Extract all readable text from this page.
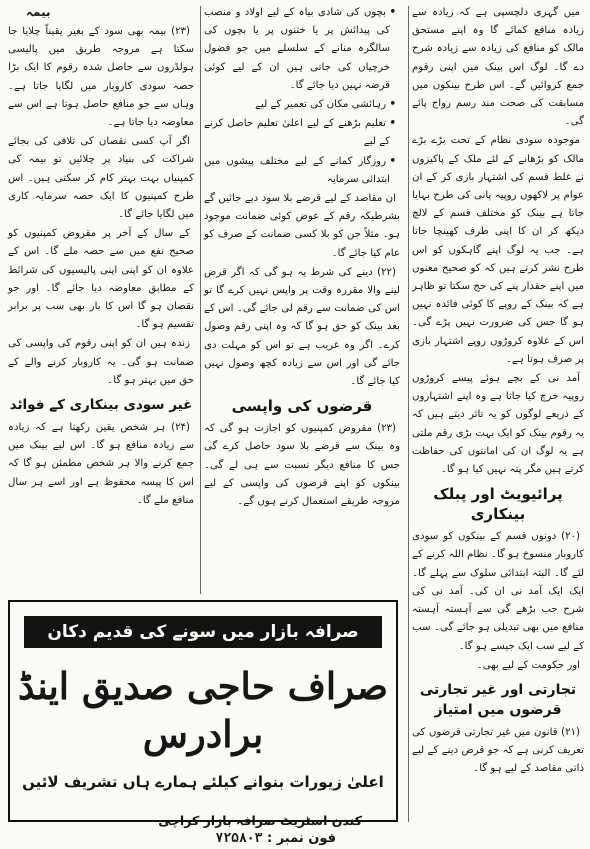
میں گہری دلچسپی ہے کہ زیادہ سے زیادہ منافع کمائے گا وہ اپنے مستحق مالک کو منافع کی زیادہ سے زیادہ شرح دے گا۔ لوگ اس بینک میں اپنی رقوم جمع کروائیں گے۔ اس طرح بینکوں میں مسابقت کی صحت مند رسم رواج پائے گی۔

موجودہ سودی نظام کے تحت بڑے بڑے مالک کو بڑھانے کے لئے ملک کے پاکیزوں نے غلط قسم کی اشتہار بازی کر کے ان عوام پر لاکھوں روپیہ پانی کی طرح بہایا جاتا ہے بینک کو مختلف قسم کے لالچ دیکھ کر ان کا اپنی طرف کھینچا جاتا ہے۔ جب یہ لوگ اپنے گاہکوں کو اس طرح نشر کرتے ہیں کہ کو صحیح معنوں میں اپنے حقدار پنے کی حج سکتا تو ظاہر ہے کہ بینک کے روپے کا کوئی فائدہ نہیں ہو گا جس کی ضرورت نہیں پڑے گی۔ اس کے علاوہ کروڑوں روپے اشتہار بازی پر صرف ہوتا ہے۔

آمد نی کے بچے ہوئے پیسے کروڑوں روپیہ خرچ کیا جاتا ہے وہ اپنے اشتہاروں کے ذریعے لوگوں کو یہ تاثر دیتے ہیں کہ یہ رقوم بینک کو ایک بہت بڑی رقم ملتی ہے یہ لوگ ان کی امانتوں کی حفاظت کرتے ہیں مگر پتہ نہیں کیا ہو گا۔

پرائیویٹ اور پبلک بینکاری

(۲۰) دونوں قسم کے بینکوں کو سودی کاروبار منسوخ ہو گا۔ نظام اللہ کرنے کے لئے گا۔ البتہ ابتدائی سلوک سے پہلے گا۔ ایک ایک آمد نی ان کی۔ آمد نی کی شرح جب بڑھے گی سے آہستہ آہستہ منافع میں بھی تبدیلی ہو جائے گی۔ سب کے لیے سب ایک جیسے ہو گا۔

اور حکومت کے لیے بھی۔

تجارتی اور غیر تجارتی قرضوں میں امتیاز

(۲۱) قانون میں غیر تجارتی قرضوں کی تعریف کرنی ہے کہ جو قرض دینے کے لیے ذاتی مقاصد کے لیے ہو گا۔

• بچوں کی شادی بیاہ کے لیے اولاد و منصب کی پیدائش پر یا ختنوں پر یا بچوں کی سالگرہ منانے کے سلسلے میں جو فضول خرچیاں کی جاتی ہیں ان کے لیے کوئی قرضہ نہیں دیا جائے گا۔

• رہائشی مکان کی تعمیر کے لیے

• تعلیم بڑھنے کے لیے اعلیٰ تعلیم حاصل کرنے کے لیے

• روزگار کمانے کے لیے مختلف پیشوں میں ابتدائی سرمایہ

ان مقاصد کے لیے قرضے بلا سود دیے جائیں گے بشرطیکہ رقم کے عوض کوئی ضمانت موجود ہو۔ مثلاً جن کو بلا کسی ضمانت کے صرف کو عام کیا جائے گا۔

(۲۲) دینے کی شرط یہ ہو گی کہ اگر قرض لینے والا مقررہ وقت پر واپس نہیں کرے گا تو اس کی ضمانت سے رقم لی جائے گی۔ اس کے بعد بینک کو حق ہو گا کہ وہ اپنی رقم وصول کرے۔ اگر وہ غریب ہے تو اس کو مہلت دی جائے گی اور اس سے زیادہ کچھ وصول نہیں کیا جائے گا۔

قرضوں کی واپسی

(۲۳) مقروض کمپنیوں کو اجازت ہو گی کہ وہ بینک سے قرضے بلا سود حاصل کرے گی جس کا منافع دیگر نسبت سے ہی لے گی۔ بینکوں کو اپنے قرضوں کی واپسی کے لیے مروجہ طریقے استعمال کرنے ہوں گے۔

بیمہ

(۲۳) بیمہ بھی سود کے بغیر یقیناً چلایا جا سکتا ہے مروجہ طریق میں پالیسی ہولڈروں سے حاصل شدہ رقوم کا ایک بڑا حصہ سودی کاروبار میں لگایا جاتا ہے۔ وہاں سے جو منافع حاصل ہوتا ہے اس سے معاوضہ دیا جاتا ہے۔

اگر آپ کسی نقصان کی تلافی کی بجائے شراکت کی بنیاد پر چلائیں تو بیمہ کی کمپنیاں بہت بہتر کام کر سکتی ہیں۔ اس طرح کمپنیوں کا ایک حصہ سرمایہ کاری میں لگایا جائے گا۔

کے سال کے آخر پر مقروض کمپنیوں کو صحیح نفع میں سے حصہ ملے گا۔ اس کے علاوہ ان کو اپنی اپنی پالیسیوں کی شرائط کے مطابق معاوضہ دیا جائے گا۔ اور جو نقصان ہو گا اس کا بار بھی سب پر برابر تقسیم ہو گا۔

زندہ ہیں ان کو اپنی رقوم کی واپسی کی ضمانت ہو گی۔ یہ کاروبار کرنے والے کے حق میں بہتر ہو گا۔

غیر سودی بینکاری کے فوائد

(۲۴) ہر شخص یقین رکھتا ہے کہ زیادہ سے زیادہ منافع ہو گا۔ اس لیے بینک میں جمع کرنے والا ہر شخص مطمئن ہو گا کہ اس کا پیسہ محفوظ ہے اور اسے ہر سال منافع ملے گا۔

صرافہ بازار میں سونے کی قدیم دکان
صراف حاجی صدیق اینڈ برادرس
اعلیٰ زیورات بنوانے کیلئے ہمارے ہاں تشریف لائیں
کندن اسٹریٹ صرافہ بازار کراچی
فون نمبر : ۷۲۵۸۰۳
